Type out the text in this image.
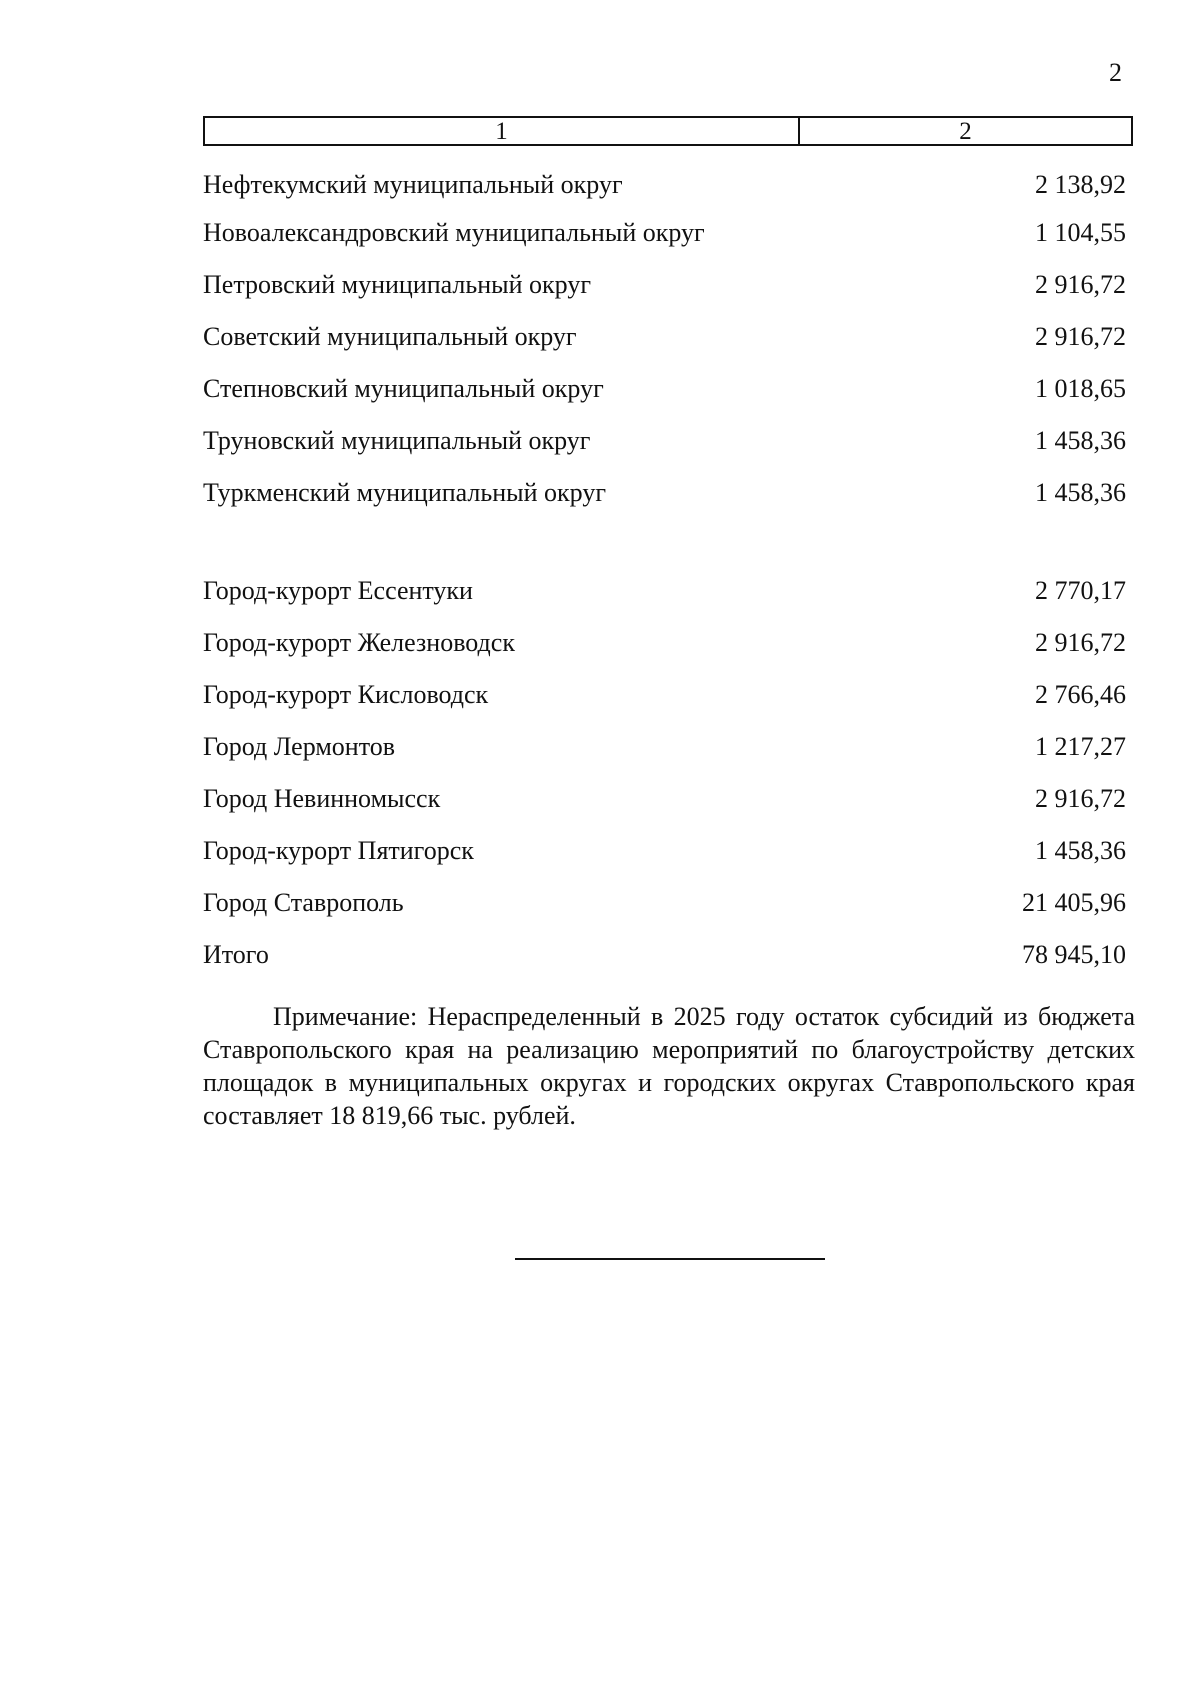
2
1	2
Нефтекумский муниципальный округ	2 138,92
Новоалександровский муниципальный округ	1 104,55
Петровский муниципальный округ	2 916,72
Советский муниципальный округ	2 916,72
Степновский муниципальный округ	1 018,65
Труновский муниципальный округ	1 458,36
Туркменский муниципальный округ	1 458,36
Город-курорт Ессентуки	2 770,17
Город-курорт Железноводск	2 916,72
Город-курорт Кисловодск	2 766,46
Город Лермонтов	1 217,27
Город Невинномысск	2 916,72
Город-курорт Пятигорск	1 458,36
Город Ставрополь	21 405,96
Итого	78 945,10
Примечание: Нераспределенный в 2025 году остаток субсидий из бюджета Ставропольского края на реализацию мероприятий по благоустройству детских площадок в муниципальных округах и городских округах Ставропольского края составляет 18 819,66 тыс. рублей.
